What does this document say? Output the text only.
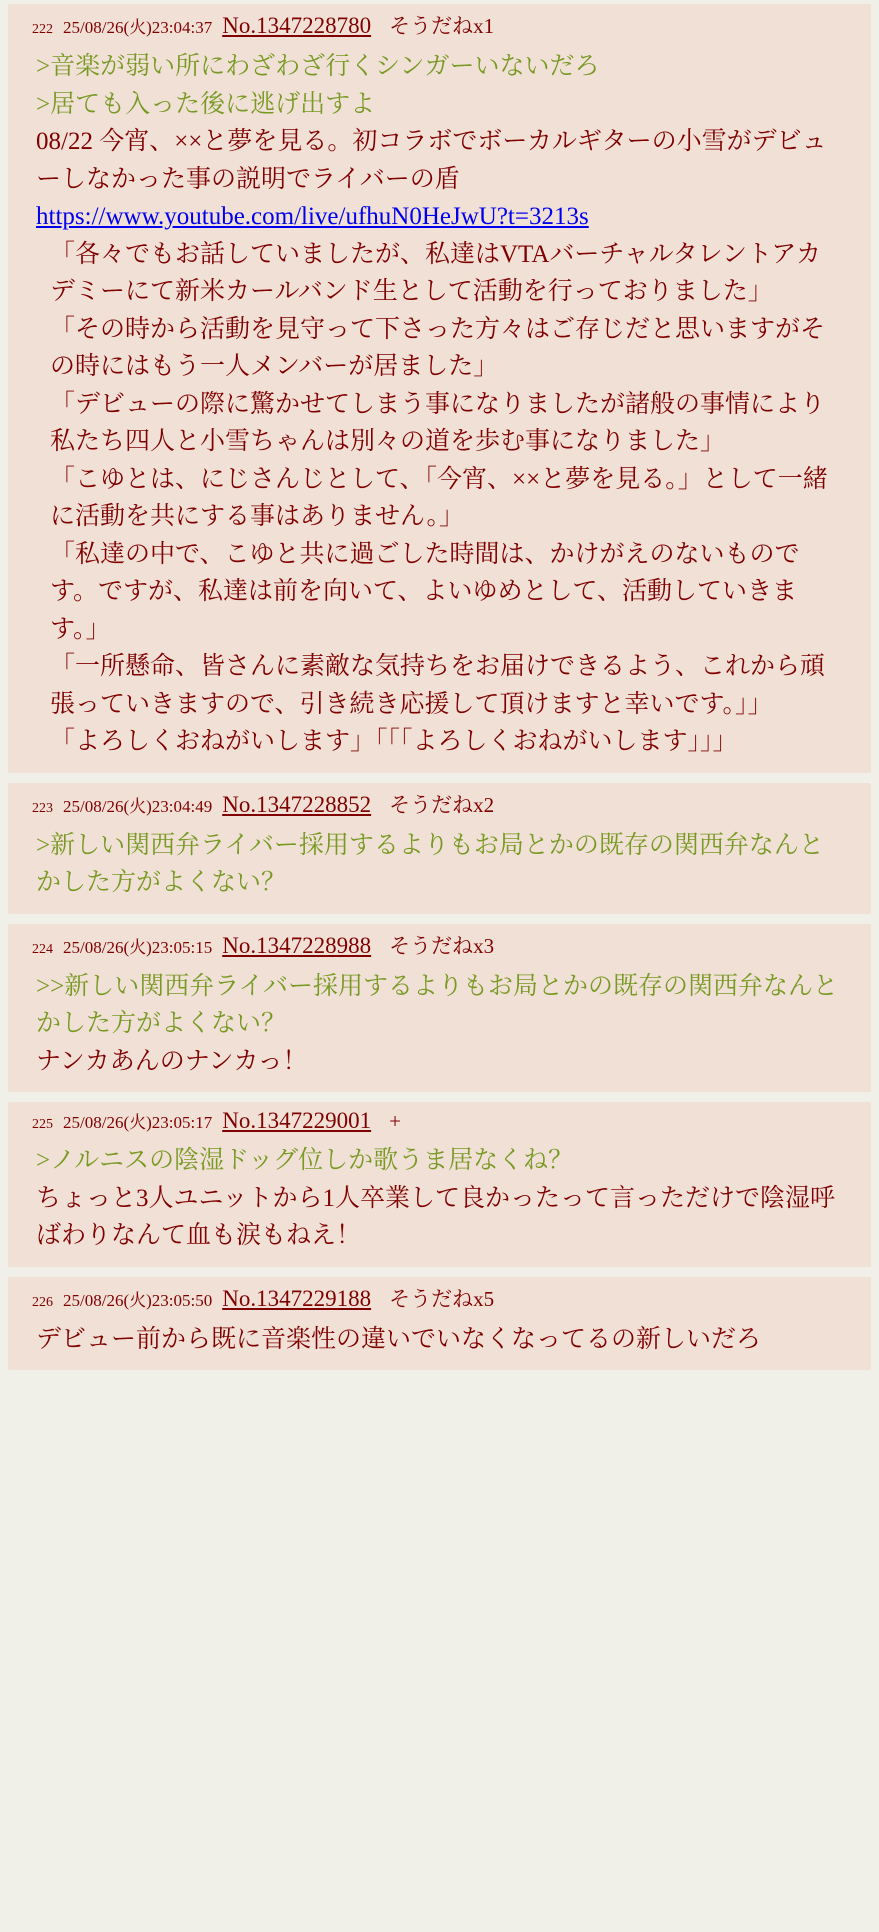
222 25/08/26(火)23:04:37 No.1347228780 そうだねx1
>音楽が弱い所にわざわざ行くシンガーいないだろ
>居ても入った後に逃げ出すよ
08/22 今宵、××と夢を見る。初コラボでボーカルギターの小雪がデビューしなかった事の説明でライバーの盾
https://www.youtube.com/live/ufhuN0HeJwU?t=3213s
「各々でもお話していましたが、私達はVTAバーチャルタレントアカデミーにて新米カールバンド生として活動を行っておりました」
「その時から活動を見守って下さった方々はご存じだと思いますがその時にはもう一人メンバーが居ました」
「デビューの際に驚かせてしまう事になりましたが諸般の事情により私たち四人と小雪ちゃんは別々の道を歩む事になりました」
「こゆとは、にじさんじとして、「今宵、××と夢を見る。」として一緒に活動を共にする事はありません。」
「私達の中で、こゆと共に過ごした時間は、かけがえのないものです。ですが、私達は前を向いて、よいゆめとして、活動していきます。」
「一所懸命、皆さんに素敵な気持ちをお届けできるよう、これから頑張っていきますので、引き続き応援して頂けますと幸いです。」」
「よろしくおねがいします」「「「よろしくおねがいします」」」
223 25/08/26(火)23:04:49 No.1347228852 そうだねx2
>新しい関西弁ライバー採用するよりもお局とかの既存の関西弁なんとかした方がよくない？
224 25/08/26(火)23:05:15 No.1347228988 そうだねx3
>>新しい関西弁ライバー採用するよりもお局とかの既存の関西弁なんとかした方がよくない？
ナンカあんのナンカっ！
225 25/08/26(火)23:05:17 No.1347229001 +
>ノルニスの陰湿ドッグ位しか歌うま居なくね？
ちょっと3人ユニットから1人卒業して良かったって言っただけで陰湿呼ばわりなんて血も涙もねえ！
226 25/08/26(火)23:05:50 No.1347229188 そうだねx5
デビュー前から既に音楽性の違いでいなくなってるの新しいだろ
